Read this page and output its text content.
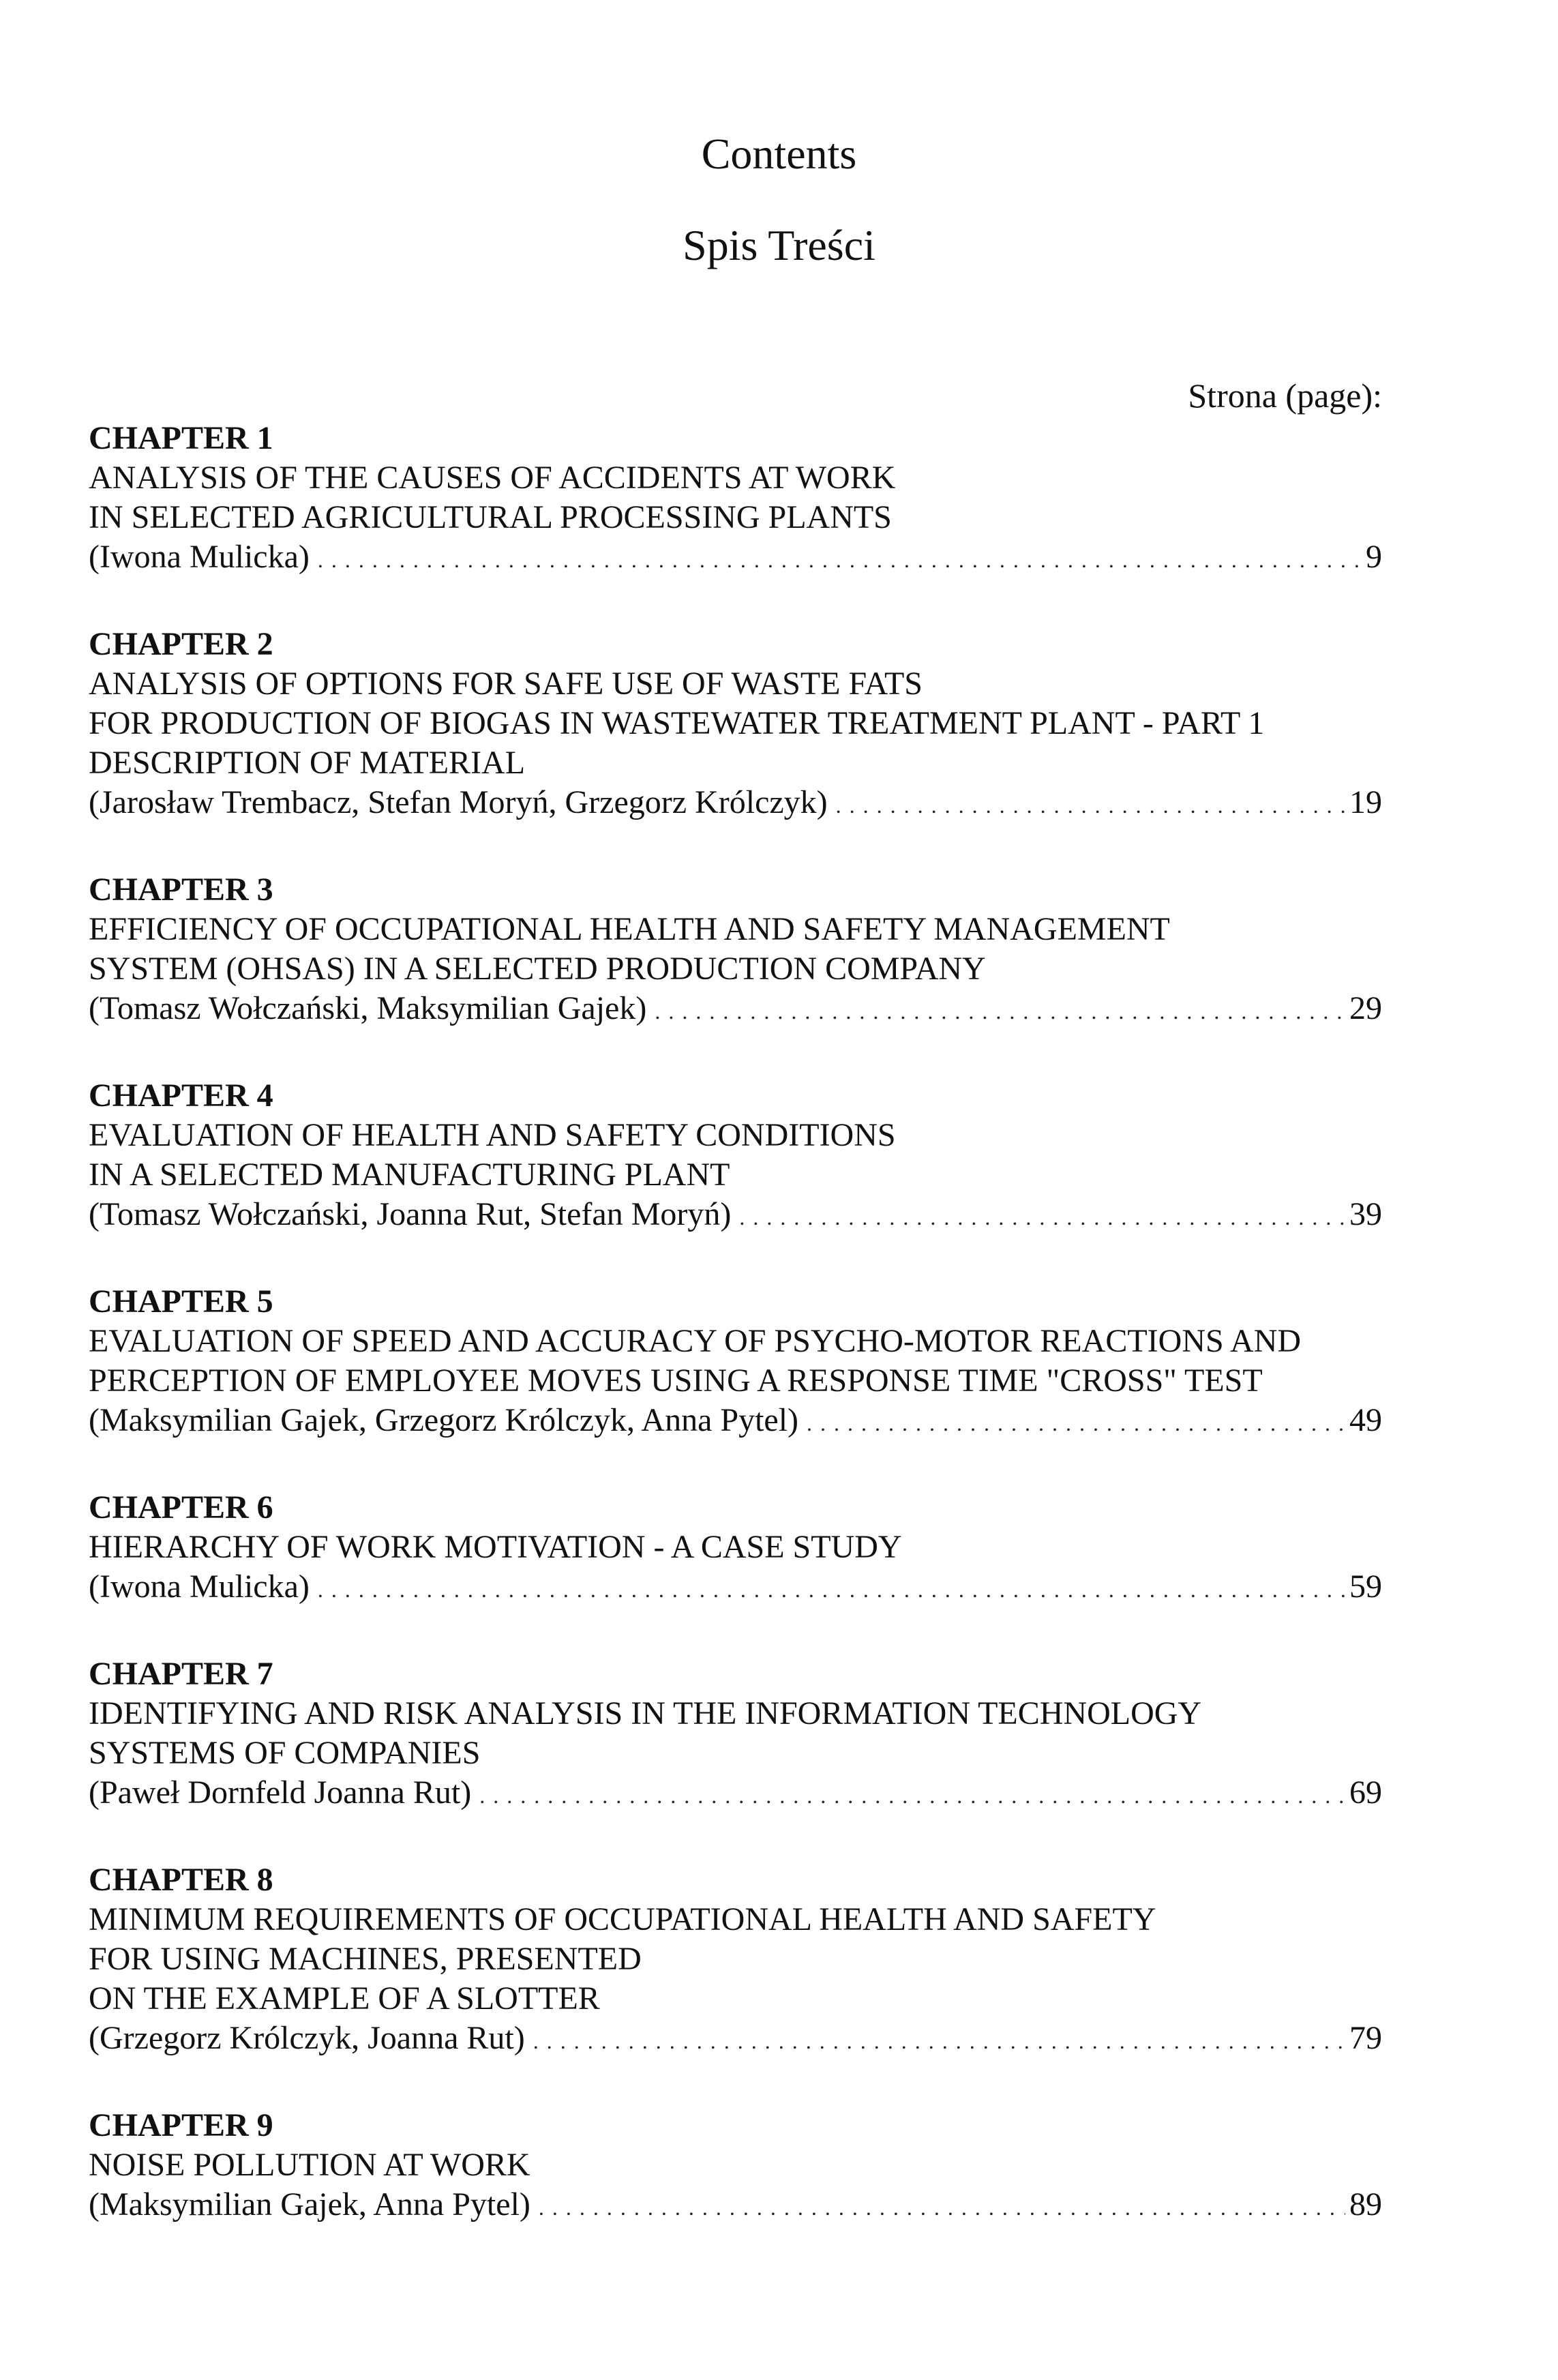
Contents
Spis Treści
Strona (page):
CHAPTER 1
ANALYSIS OF THE CAUSES OF ACCIDENTS AT WORK
IN SELECTED AGRICULTURAL PROCESSING PLANTS
(Iwona Mulicka) . . .	9
CHAPTER 2
ANALYSIS OF OPTIONS FOR SAFE USE OF WASTE FATS
FOR PRODUCTION OF BIOGAS IN WASTEWATER TREATMENT PLANT - PART 1
DESCRIPTION OF MATERIAL
(Jarosław Trembacz, Stefan Moryń, Grzegorz Królczyk) . . .	19
CHAPTER 3
EFFICIENCY OF OCCUPATIONAL HEALTH AND SAFETY MANAGEMENT
SYSTEM (OHSAS) IN A SELECTED PRODUCTION COMPANY
(Tomasz Wołczański, Maksymilian Gajek) . . .	29
CHAPTER 4
EVALUATION OF HEALTH AND SAFETY CONDITIONS
IN A SELECTED MANUFACTURING PLANT
(Tomasz Wołczański, Joanna Rut, Stefan Moryń) . . .	39
CHAPTER 5
EVALUATION OF SPEED AND ACCURACY OF PSYCHO-MOTOR REACTIONS AND
PERCEPTION OF EMPLOYEE MOVES USING A RESPONSE TIME "CROSS" TEST
(Maksymilian Gajek, Grzegorz Królczyk, Anna Pytel) . . .	49
CHAPTER 6
HIERARCHY OF WORK MOTIVATION - A CASE STUDY
(Iwona Mulicka) . . .	59
CHAPTER 7
IDENTIFYING AND RISK ANALYSIS IN THE INFORMATION TECHNOLOGY
SYSTEMS OF COMPANIES
(Paweł Dornfeld Joanna Rut) . . .	69
CHAPTER 8
MINIMUM REQUIREMENTS OF OCCUPATIONAL HEALTH AND SAFETY
FOR USING MACHINES, PRESENTED
ON THE EXAMPLE OF A SLOTTER
(Grzegorz Królczyk, Joanna Rut) . . .	79
CHAPTER 9
NOISE POLLUTION AT WORK
(Maksymilian Gajek, Anna Pytel) . . .	89
